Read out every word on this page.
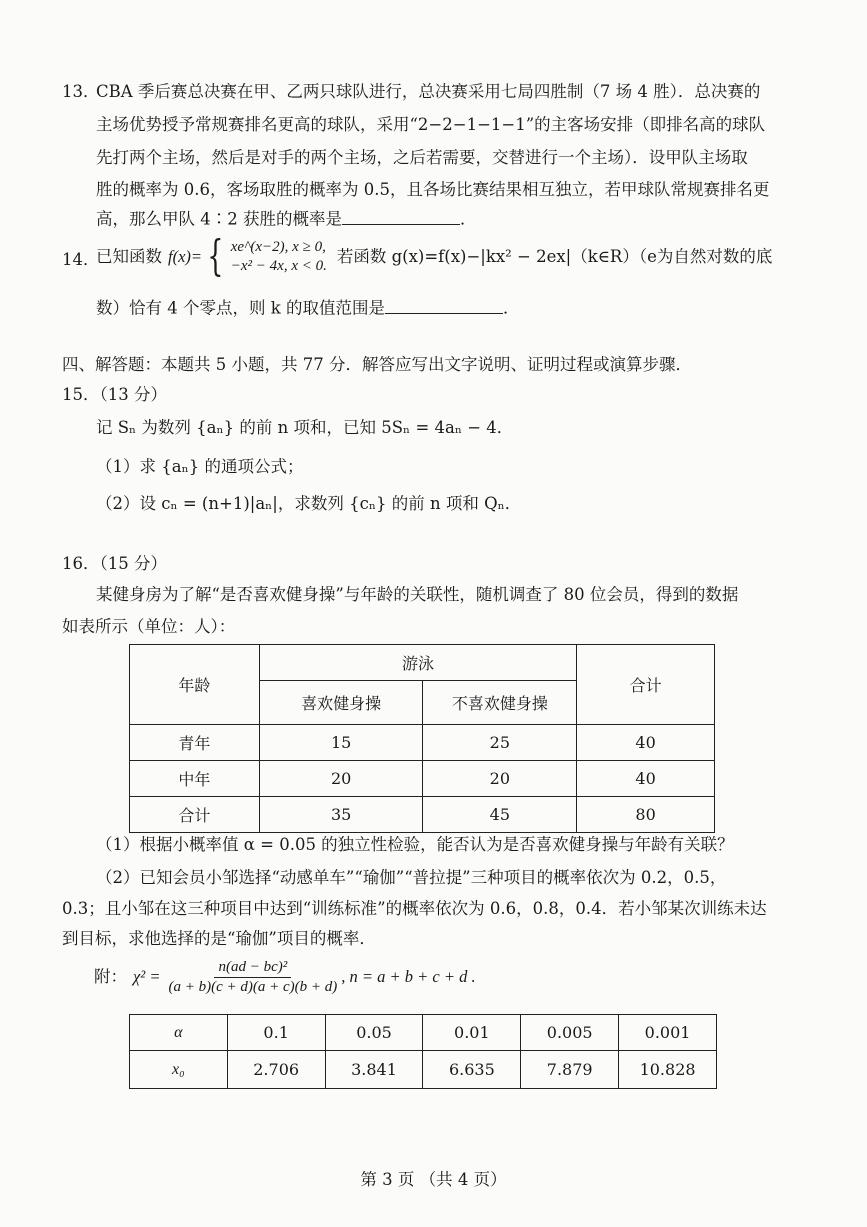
13．
CBA 季后赛总决赛在甲、乙两只球队进行，总决赛采用七局四胜制（7 场 4 胜）．总决赛的
主场优势授予常规赛排名更高的球队，采用“2−2−1−1−1”的主客场安排（即排名高的球队
先打两个主场，然后是对手的两个主场，之后若需要，交替进行一个主场）．设甲队主场取
胜的概率为 0.6，客场取胜的概率为 0.5，且各场比赛结果相互独立，若甲球队常规赛排名更
高，那么甲队 4∶2 获胜的概率是	．
14．
已知函数 f(x)= { xe^(x−2), x ≥ 0,
−x² − 4x, x < 0.
若函数 g(x)=f(x)−|kx² − 2ex|（k∈R）（e为自然对数的底
数）恰有 4 个零点，则 k 的取值范围是	．
四、解答题：本题共 5 小题，共 77 分．解答应写出文字说明、证明过程或演算步骤．
15．（13 分）
记 Sₙ 为数列 {aₙ} 的前 n 项和，已知 5Sₙ = 4aₙ − 4．
（1）求 {aₙ} 的通项公式；
（2）设 cₙ = (n+1)|aₙ|，求数列 {cₙ} 的前 n 项和 Qₙ．
16．（15 分）
某健身房为了解“是否喜欢健身操”与年龄的关联性，随机调查了 80 位会员，得到的数据
如表所示（单位：人）：
年龄	游泳		合计
	喜欢健身操	不喜欢健身操	
青年	15	25	40
中年	20	20	40
合计	35	45	80
（1）根据小概率值 α = 0.05 的独立性检验，能否认为是否喜欢健身操与年龄有关联？
（2）已知会员小邹选择“动感单车”“瑜伽”“普拉提”三种项目的概率依次为 0.2，0.5，
0.3；且小邹在这三种项目中达到“训练标准”的概率依次为 0.6，0.8，0.4．若小邹某次训练未达
到目标，求他选择的是“瑜伽”项目的概率．
附： $\chi^2 = \frac{\text{n(ad − bc)²}}{(a + b)(c + d)(a + c)(b + d)}$ , n = a + b + c + d .
α	0.1	0.05	0.01	0.005	0.001
x₀	2.706	3.841	6.635	7.879	10.828
第 3 页 （共 4 页）
